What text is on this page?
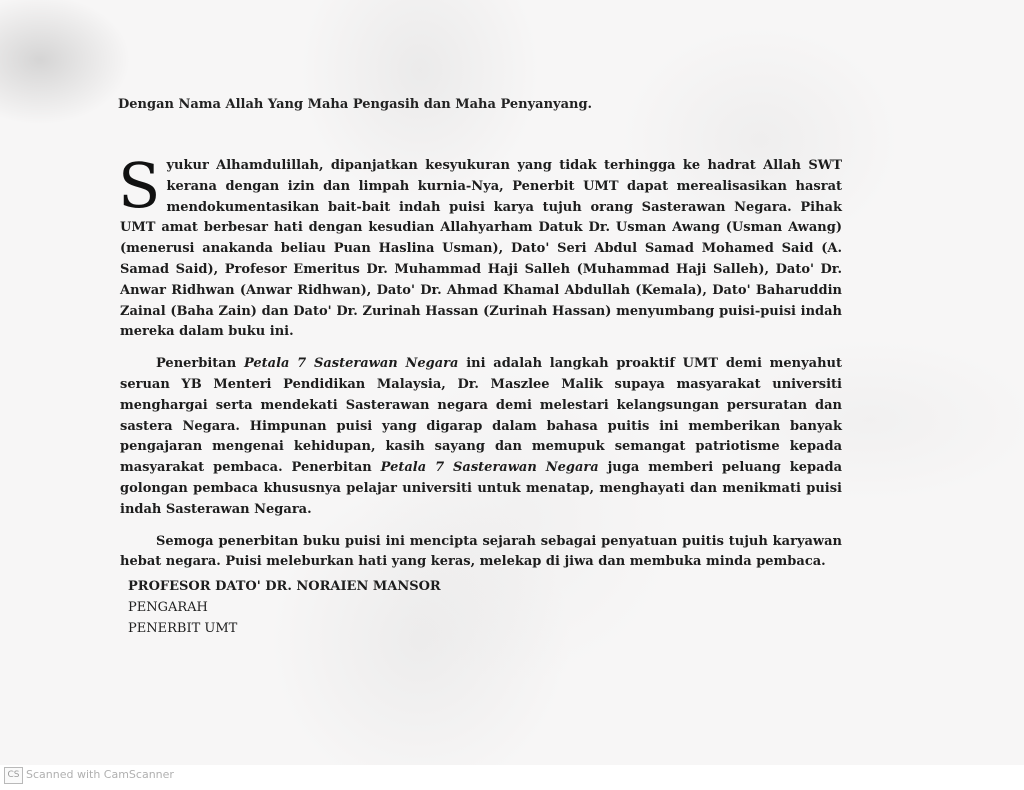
Dengan Nama Allah Yang Maha Pengasih dan Maha Penyanyang.

Syukur Alhamdulillah, dipanjatkan kesyukuran yang tidak terhingga ke hadrat Allah SWT kerana dengan izin dan limpah kurnia-Nya, Penerbit UMT dapat merealisasikan hasrat mendokumentasikan bait-bait indah puisi karya tujuh orang Sasterawan Negara. Pihak UMT amat berbesar hati dengan kesudian Allahyarham Datuk Dr. Usman Awang (Usman Awang) (menerusi anakanda beliau Puan Haslina Usman), Dato' Seri Abdul Samad Mohamed Said (A. Samad Said), Profesor Emeritus Dr. Muhammad Haji Salleh (Muhammad Haji Salleh), Dato' Dr. Anwar Ridhwan (Anwar Ridhwan), Dato' Dr. Ahmad Khamal Abdullah (Kemala), Dato' Baharuddin Zainal (Baha Zain) dan Dato' Dr. Zurinah Hassan (Zurinah Hassan) menyumbang puisi-puisi indah mereka dalam buku ini.

Penerbitan Petala 7 Sasterawan Negara ini adalah langkah proaktif UMT demi menyahut seruan YB Menteri Pendidikan Malaysia, Dr. Maszlee Malik supaya masyarakat universiti menghargai serta mendekati Sasterawan negara demi melestari kelangsungan persuratan dan sastera Negara. Himpunan puisi yang digarap dalam bahasa puitis ini memberikan banyak pengajaran mengenai kehidupan, kasih sayang dan memupuk semangat patriotisme kepada masyarakat pembaca. Penerbitan Petala 7 Sasterawan Negara juga memberi peluang kepada golongan pembaca khususnya pelajar universiti untuk menatap, menghayati dan menikmati puisi indah Sasterawan Negara.

Semoga penerbitan buku puisi ini mencipta sejarah sebagai penyatuan puitis tujuh karyawan hebat negara. Puisi meleburkan hati yang keras, melekap di jiwa dan membuka minda pembaca.

PROFESOR DATO' DR. NORAIEN MANSOR
PENGARAH
PENERBIT UMT
CS Scanned with CamScanner
